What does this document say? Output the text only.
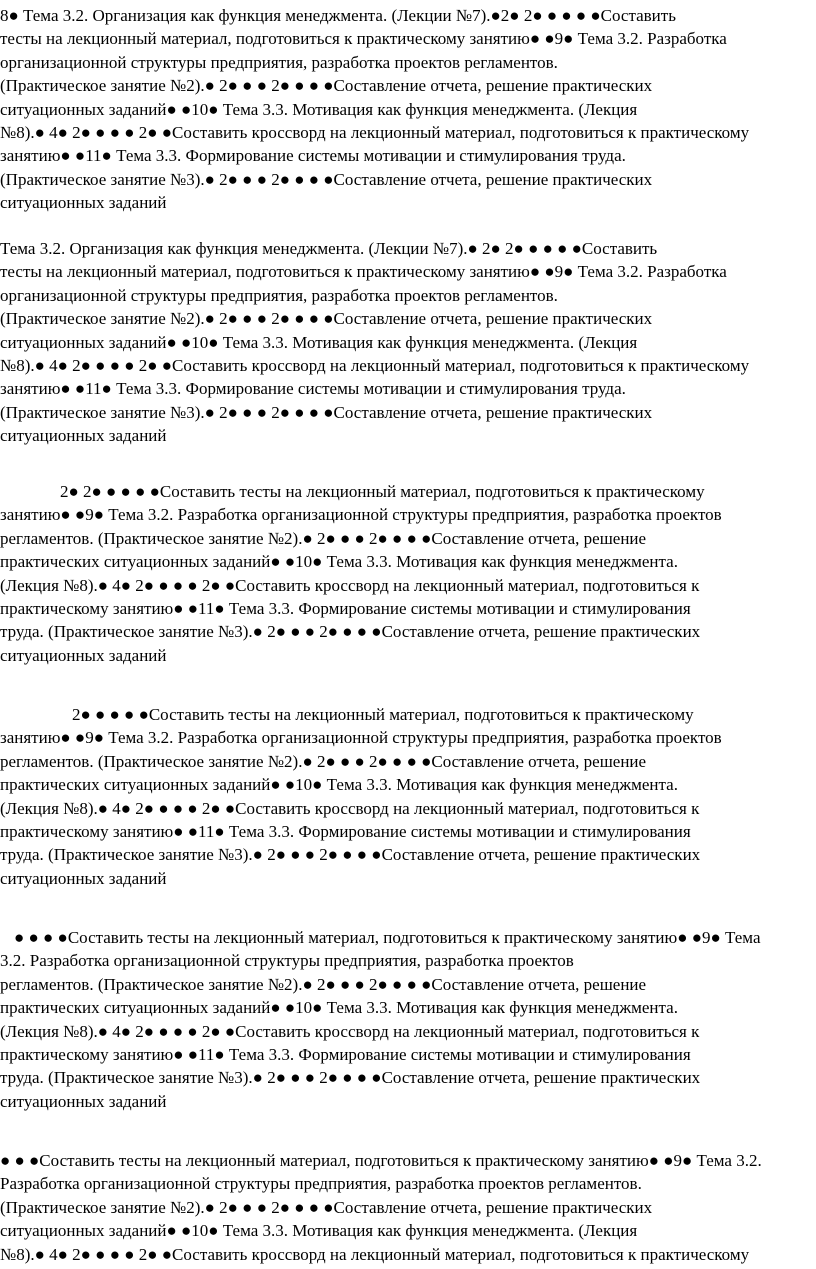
8● Тема 3.2. Организация как функция менеджмента. (Лекции №7).●2● 2● ● ● ● ●Составить
тесты на лекционный материал, подготовиться к практическому занятию● ●9● Тема 3.2. Разработка
организационной структуры предприятия, разработка проектов регламентов.
(Практическое занятие №2).● 2● ● ● 2● ● ● ●Составление отчета, решение практических
ситуационных заданий● ●10● Тема 3.3. Мотивация как функция менеджмента. (Лекция
№8).● 4● 2● ● ● ● 2● ●Составить кроссворд на лекционный материал, подготовиться к практическому
занятию● ●11● Тема 3.3. Формирование системы мотивации и стимулирования труда.
(Практическое занятие №3).● 2● ● ● 2● ● ● ●Составление отчета, решение практических
ситуационных заданий
Тема 3.2. Организация как функция менеджмента. (Лекции №7).● 2● 2● ● ● ● ●Составить
тесты на лекционный материал, подготовиться к практическому занятию● ●9● Тема 3.2. Разработка
организационной структуры предприятия, разработка проектов регламентов.
(Практическое занятие №2).● 2● ● ● 2● ● ● ●Составление отчета, решение практических
ситуационных заданий● ●10● Тема 3.3. Мотивация как функция менеджмента. (Лекция
№8).● 4● 2● ● ● ● 2● ●Составить кроссворд на лекционный материал, подготовиться к практическому
занятию● ●11● Тема 3.3. Формирование системы мотивации и стимулирования труда.
(Практическое занятие №3).● 2● ● ● 2● ● ● ●Составление отчета, решение практических
ситуационных заданий
2● 2● ● ● ● ●Составить тесты на лекционный материал, подготовиться к практическому
занятию● ●9● Тема 3.2. Разработка организационной структуры предприятия, разработка проектов
регламентов. (Практическое занятие №2).● 2● ● ● 2● ● ● ●Составление отчета, решение
практических ситуационных заданий● ●10● Тема 3.3. Мотивация как функция менеджмента.
(Лекция №8).● 4● 2● ● ● ● 2● ●Составить кроссворд на лекционный материал, подготовиться к
практическому занятию● ●11● Тема 3.3. Формирование системы мотивации и стимулирования
труда. (Практическое занятие №3).● 2● ● ● 2● ● ● ●Составление отчета, решение практических
ситуационных заданий
2● ● ● ● ●Составить тесты на лекционный материал, подготовиться к практическому
занятию● ●9● Тема 3.2. Разработка организационной структуры предприятия, разработка проектов
регламентов. (Практическое занятие №2).● 2● ● ● 2● ● ● ●Составление отчета, решение
практических ситуационных заданий● ●10● Тема 3.3. Мотивация как функция менеджмента.
(Лекция №8).● 4● 2● ● ● ● 2● ●Составить кроссворд на лекционный материал, подготовиться к
практическому занятию● ●11● Тема 3.3. Формирование системы мотивации и стимулирования
труда. (Практическое занятие №3).● 2● ● ● 2● ● ● ●Составление отчета, решение практических
ситуационных заданий
● ● ● ●Составить тесты на лекционный материал, подготовиться к практическому занятию● ●9● Тема
3.2. Разработка организационной структуры предприятия, разработка проектов
регламентов. (Практическое занятие №2).● 2● ● ● 2● ● ● ●Составление отчета, решение
практических ситуационных заданий● ●10● Тема 3.3. Мотивация как функция менеджмента.
(Лекция №8).● 4● 2● ● ● ● 2● ●Составить кроссворд на лекционный материал, подготовиться к
практическому занятию● ●11● Тема 3.3. Формирование системы мотивации и стимулирования
труда. (Практическое занятие №3).● 2● ● ● 2● ● ● ●Составление отчета, решение практических
ситуационных заданий
● ● ●Составить тесты на лекционный материал, подготовиться к практическому занятию● ●9● Тема 3.2.
Разработка организационной структуры предприятия, разработка проектов регламентов.
(Практическое занятие №2).● 2● ● ● 2● ● ● ●Составление отчета, решение практических
ситуационных заданий● ●10● Тема 3.3. Мотивация как функция менеджмента. (Лекция
№8).● 4● 2● ● ● ● 2● ●Составить кроссворд на лекционный материал, подготовиться к практическому
